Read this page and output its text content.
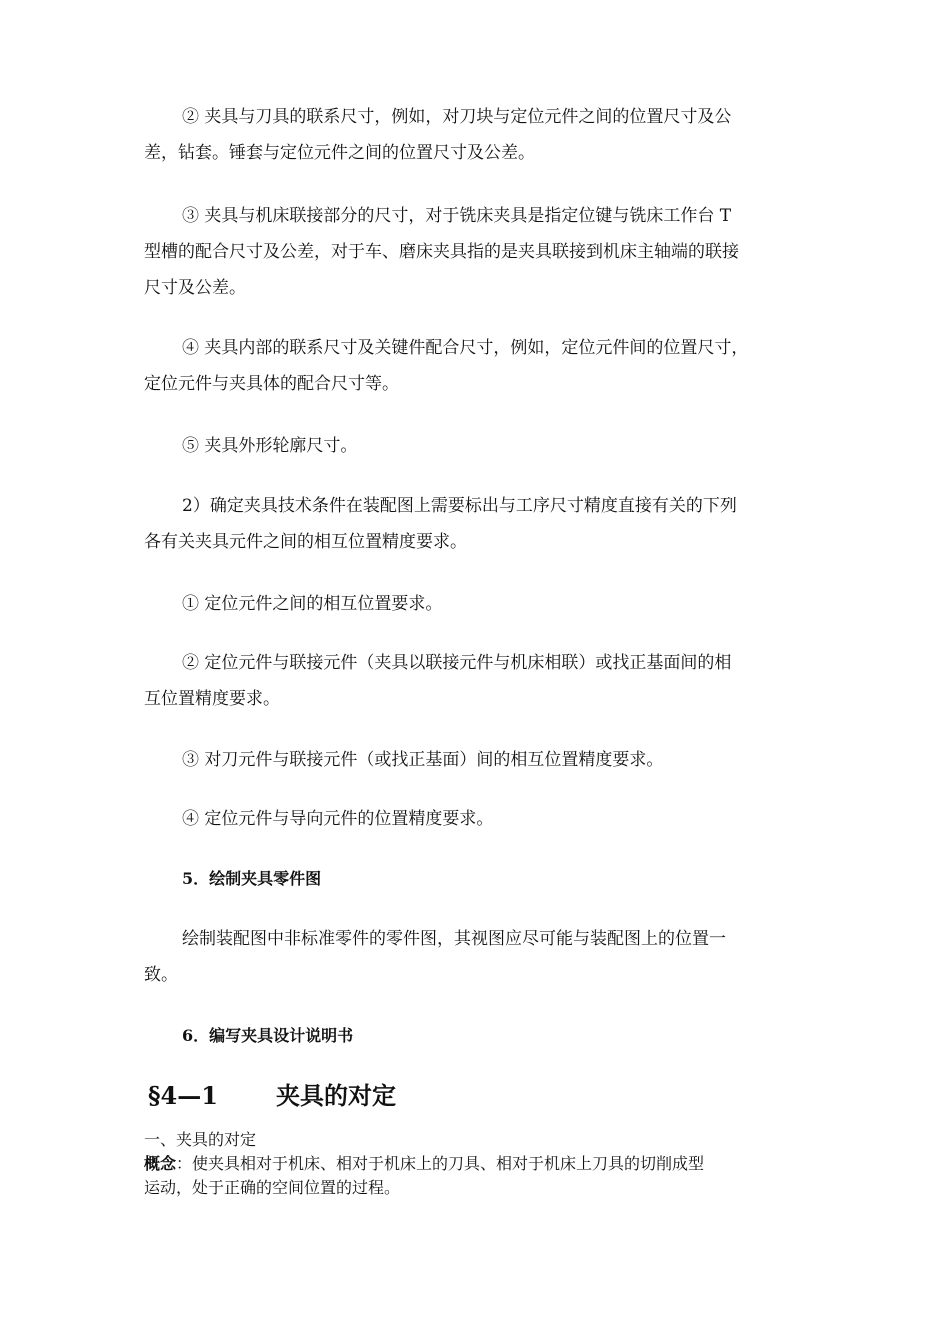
② 夹具与刀具的联系尺寸，例如，对刀块与定位元件之间的位置尺寸及公
差，钻套。锤套与定位元件之间的位置尺寸及公差。

③ 夹具与机床联接部分的尺寸，对于铣床夹具是指定位键与铣床工作台 T
型槽的配合尺寸及公差，对于车、磨床夹具指的是夹具联接到机床主轴端的联接
尺寸及公差。

④ 夹具内部的联系尺寸及关键件配合尺寸，例如，定位元件间的位置尺寸，
定位元件与夹具体的配合尺寸等。

⑤ 夹具外形轮廓尺寸。

2）确定夹具技术条件在装配图上需要标出与工序尺寸精度直接有关的下列
各有关夹具元件之间的相互位置精度要求。

① 定位元件之间的相互位置要求。

② 定位元件与联接元件（夹具以联接元件与机床相联）或找正基面间的相
互位置精度要求。

③ 对刀元件与联接元件（或找正基面）间的相互位置精度要求。

④ 定位元件与导向元件的位置精度要求。

5．绘制夹具零件图

绘制装配图中非标准零件的零件图，其视图应尽可能与装配图上的位置一
致。

6．编写夹具设计说明书

§4—1 夹具的对定

一、夹具的对定

概念：使夹具相对于机床、相对于机床上的刀具、相对于机床上刀具的切削成型
运动，处于正确的空间位置的过程。
